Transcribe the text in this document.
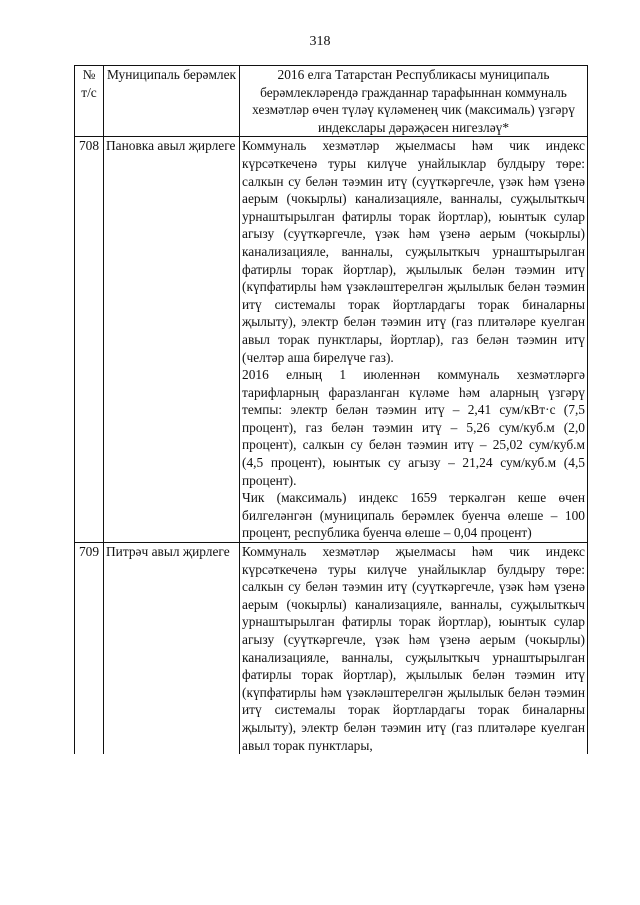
318
№ т/с	Муниципаль берәмлек	2016 елга Татарстан Республикасы муниципаль берәмлекләрендә гражданнар тарафыннан коммуналь хезмәтләр өчен түләү күләменең чик (максималь) үзгәрү индекслары дәрәҗәсен нигезләү*
708	Пановка авыл җирлеге	Коммуналь хезмәтләр җыелмасы һәм чик индекс күрсәткеченә туры килүче унайлыклар булдыру төре: салкын су белән тәэмин итү (суүткәргечле, үзәк һәм үзенә аерым (чокырлы) канализацияле, ванналы, суҗылыткыч урнаштырылган фатирлы торак йортлар), юынтык сулар агызу (суүткәргечле, үзәк һәм үзенә аерым (чокырлы) канализацияле, ванналы, суҗылыткыч урнаштырылган фатирлы торак йортлар), җылылык белән тәэмин итү (күпфатирлы һәм үзәкләштерелгән җылылык белән тәэмин итү системалы торак йортлардагы торак биналарны җылыту), электр белән тәэмин итү (газ плитәләре куелган авыл торак пунктлары, йортлар), газ белән тәэмин итү (челтәр аша бирелүче газ).
2016 елның 1 июленнән коммуналь хезмәтләргә тарифларның фаразланган күләме һәм аларның үзгәрү темпы: электр белән тәэмин итү – 2,41 сум/кВт·с (7,5 процент), газ белән тәэмин итү – 5,26 сум/куб.м (2,0 процент), салкын су белән тәэмин итү – 25,02 сум/куб.м (4,5 процент), юынтык су агызу – 21,24 сум/куб.м (4,5 процент).
Чик (максималь) индекс 1659 теркәлгән кеше өчен билгеләнгән (муниципаль берәмлек буенча өлеше – 100 процент, республика буенча өлеше – 0,04 процент)

709	Питрәч авыл җирлеге	Коммуналь хезмәтләр җыелмасы һәм чик индекс күрсәткеченә туры килүче унайлыклар булдыру төре: салкын су белән тәэмин итү (суүткәргечле, үзәк һәм үзенә аерым (чокырлы) канализацияле, ванналы, суҗылыткыч урнаштырылган фатирлы торак йортлар), юынтык сулар агызу (суүткәргечле, үзәк һәм үзенә аерым (чокырлы) канализацияле, ванналы, суҗылыткыч урнаштырылган фатирлы торак йортлар), җылылык белән тәэмин итү (күпфатирлы һәм үзәкләштерелгән җылылык белән тәэмин итү системалы торак йортлардагы торак биналарны җылыту), электр белән тәэмин итү (газ плитәләре куелган авыл торак пунктлары,
